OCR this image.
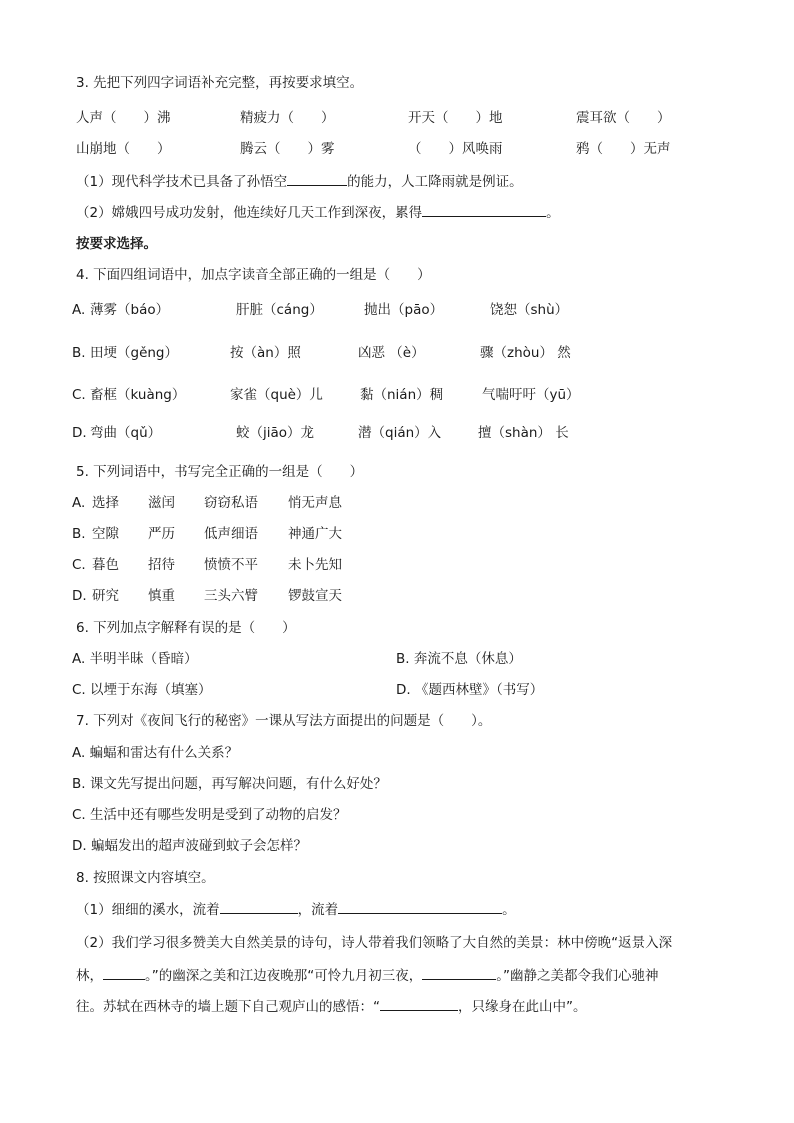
3. 先把下列四字词语补充完整，再按要求填空。
人声（　　）沸	精疲力（　　）	开天（　　）地	震耳欲（　　）
山崩地（　　）	腾云（　　）雾	（　　）风唤雨	鸦（　　）无声
（1）现代科学技术已具备了孙悟空	的能力，人工降雨就是例证。
（2）嫦娥四号成功发射，他连续好几天工作到深夜，累得	。
按要求选择。
4. 下面四组词语中，加点字读音全部正确的一组是（　　）
A. 薄雾（báo）	肝脏（cáng）	抛出（pāo）	饶恕（shù）
B. 田埂（gěng）	按（àn）照	凶恶 （è）	骤（zhòu） 然
C. 畜框（kuàng）	家雀（què）儿	黏（nián）稠	气喘吁吁（yū）
D. 弯曲（qǔ）	蛟（jiāo）龙	潜（qián）入	擅（shàn） 长
5. 下列词语中，书写完全正确的一组是（　　）
A. 选择 滋闰 窃窃私语 悄无声息
B. 空隙 严历 低声细语 神通广大
C. 暮色 招待 愤愤不平 未卜先知
D. 研究 慎重 三头六臂 锣鼓宣天
6. 下列加点字解释有误的是（　　）
A. 半明半昧（昏暗）	B. 奔流不息（休息）
C. 以堙于东海（填塞）	D. 《题西林壁》（书写）
7. 下列对《夜间飞行的秘密》一课从写法方面提出的问题是（　　）。
A. 蝙蝠和雷达有什么关系？
B. 课文先写提出问题，再写解决问题，有什么好处？
C. 生活中还有哪些发明是受到了动物的启发？
D. 蝙蝠发出的超声波碰到蚊子会怎样？
8. 按照课文内容填空。
（1）细细的溪水，流着	，流着	。
（2）我们学习很多赞美大自然美景的诗句，诗人带着我们领略了大自然的美景：林中傍晚“返景入深
林，	。”的幽深之美和江边夜晚那“可怜九月初三夜，	。”幽静之美都令我们心驰神
往。苏轼在西林寺的墙上题下自己观庐山的感悟：“	，只缘身在此山中”。
